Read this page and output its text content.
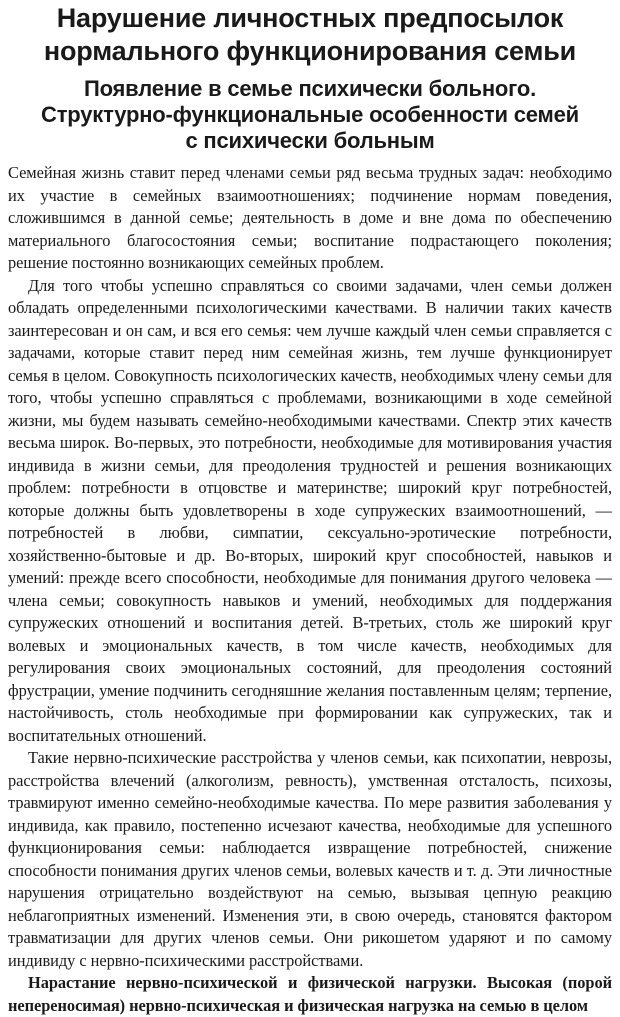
Нарушение личностных предпосылок
нормального функционирования семьи
Появление в семье психически больного.
Структурно-функциональные особенности семей
с психически больным

Семейная жизнь ставит перед членами семьи ряд весьма трудных задач: необходимо их участие в семейных взаимоотношениях; подчинение нормам поведения, сложившимся в данной семье; деятельность в доме и вне дома по обеспечению материального благосостояния семьи; воспитание подрастающего поколения; решение постоянно возникающих семейных проблем.

Для того чтобы успешно справляться со своими задачами, член семьи должен обладать определенными психологическими качествами. В наличии таких качеств заинтересован и он сам, и вся его семья: чем лучше каждый член семьи справляется с задачами, которые ставит перед ним семейная жизнь, тем лучше функционирует семья в целом. Совокупность психологических качеств, необходимых члену семьи для того, чтобы успешно справляться с проблемами, возникающими в ходе семейной жизни, мы будем называть семейно-необходимыми качествами. Спектр этих качеств весьма широк. Во-первых, это потребности, необходимые для мотивирования участия индивида в жизни семьи, для преодоления трудностей и решения возникающих проблем: потребности в отцовстве и материнстве; широкий круг потребностей, которые должны быть удовлетворены в ходе супружеских взаимоотношений, — потребностей в любви, симпатии, сексуально-эротические потребности, хозяйственно-бытовые и др. Во-вторых, широкий круг способностей, навыков и умений: прежде всего способности, необходимые для понимания другого человека — члена семьи; совокупность навыков и умений, необходимых для поддержания супружеских отношений и воспитания детей. В-третьих, столь же широкий круг волевых и эмоциональных качеств, в том числе качеств, необходимых для регулирования своих эмоциональных состояний, для преодоления состояний фрустрации, умение подчинить сегодняшние желания поставленным целям; терпение, настойчивость, столь необходимые при формировании как супружеских, так и воспитательных отношений.

Такие нервно-психические расстройства у членов семьи, как психопатии, неврозы, расстройства влечений (алкоголизм, ревность), умственная отсталость, психозы, травмируют именно семейно-необходимые качества. По мере развития заболевания у индивида, как правило, постепенно исчезают качества, необходимые для успешного функционирования семьи: наблюдается извращение потребностей, снижение способности понимания других членов семьи, волевых качеств и т. д. Эти личностные нарушения отрицательно воздействуют на семью, вызывая цепную реакцию неблагоприятных изменений. Изменения эти, в свою очередь, становятся фактором травматизации для других членов семьи. Они рикошетом ударяют и по самому индивиду с нервно-психическими расстройствами.

Нарастание нервно-психической и физической нагрузки. Высокая (порой непереносимая) нервно-психическая и физическая нагрузка на семью в целом
